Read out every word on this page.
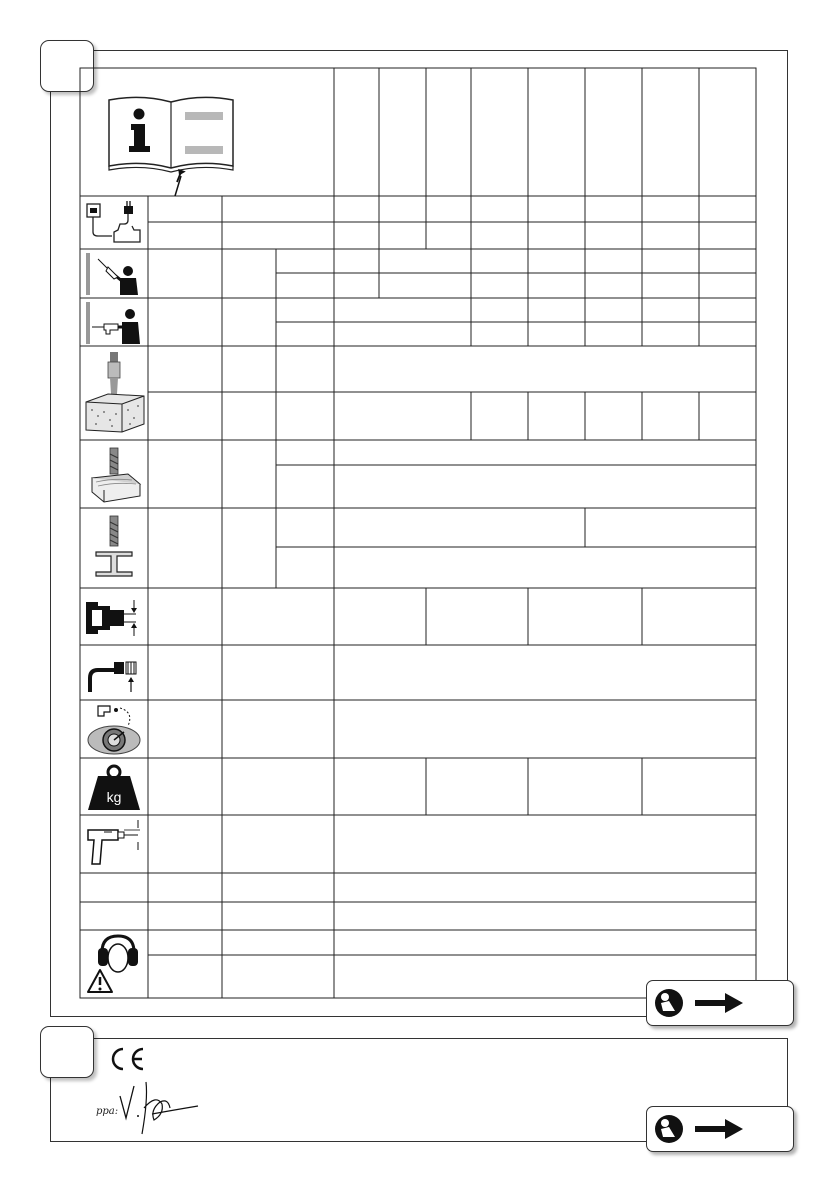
kg
ppa:
